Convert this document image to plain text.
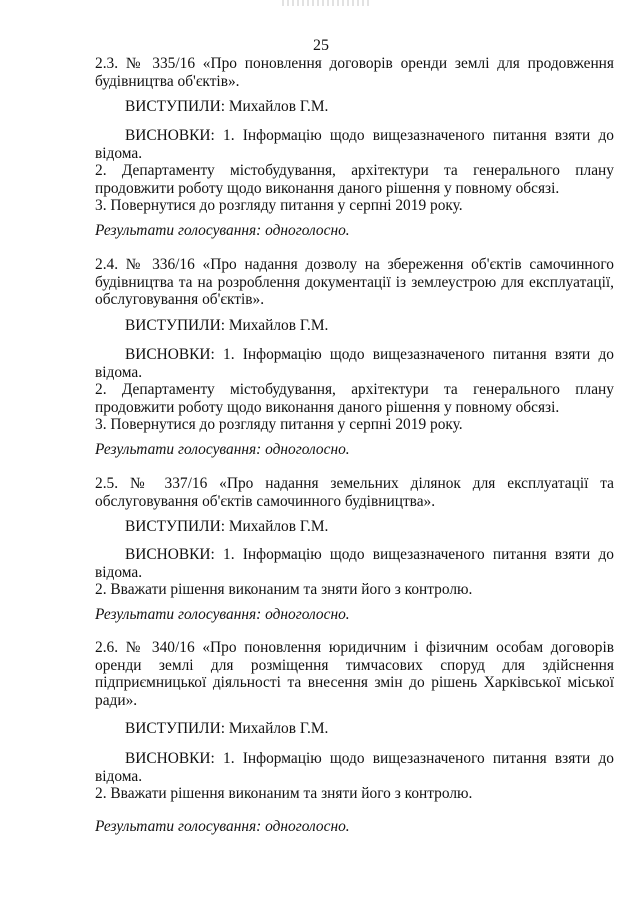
25
2.3. № 335/16 «Про поновлення договорів оренди землі для продовження
будівництва об'єктів».
ВИСТУПИЛИ: Михайлов Г.М.
ВИСНОВКИ: 1. Інформацію щодо вищезазначеного питання взяти до
відома.
2. Департаменту містобудування, архітектури та генерального плану
продовжити роботу щодо виконання даного рішення у повному обсязі.
3. Повернутися до розгляду питання у серпні 2019 року.
Результати голосування: одноголосно.
2.4. № 336/16 «Про надання дозволу на збереження об'єктів самочинного
будівництва та на розроблення документації із землеустрою для експлуатації,
обслуговування об'єктів».
ВИСТУПИЛИ: Михайлов Г.М.
ВИСНОВКИ: 1. Інформацію щодо вищезазначеного питання взяти до
відома.
2. Департаменту містобудування, архітектури та генерального плану
продовжити роботу щодо виконання даного рішення у повному обсязі.
3. Повернутися до розгляду питання у серпні 2019 року.
Результати голосування: одноголосно.
2.5. № 337/16 «Про надання земельних ділянок для експлуатації та
обслуговування об'єктів самочинного будівництва».
ВИСТУПИЛИ: Михайлов Г.М.
ВИСНОВКИ: 1. Інформацію щодо вищезазначеного питання взяти до
відома.
2. Вважати рішення виконаним та зняти його з контролю.
Результати голосування: одноголосно.
2.6. № 340/16 «Про поновлення юридичним і фізичним особам договорів
оренди землі для розміщення тимчасових споруд для здійснення
підприємницької діяльності та внесення змін до рішень Харківської міської
ради».
ВИСТУПИЛИ: Михайлов Г.М.
ВИСНОВКИ: 1. Інформацію щодо вищезазначеного питання взяти до
відома.
2. Вважати рішення виконаним та зняти його з контролю.
Результати голосування: одноголосно.
